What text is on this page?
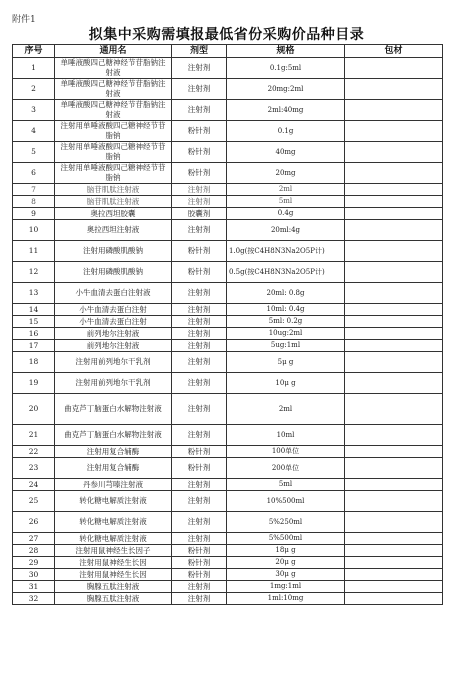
附件1
拟集中采购需填报最低省份采购价品种目录
序号	通用名	剂型	规格	包材
1	单唾液酸四己糖神经节苷脂钠注射液	注射剂	0.1g:5ml	
2	单唾液酸四己糖神经节苷脂钠注射液	注射剂	20mg:2ml	
3	单唾液酸四己糖神经节苷脂钠注射液	注射剂	2ml:40mg	
4	注射用单唾液酸四己糖神经节苷脂钠	粉针剂	0.1g	
5	注射用单唾液酸四己糖神经节苷脂钠	粉针剂	40mg	
6	注射用单唾液酸四己糖神经节苷脂钠	粉针剂	20mg	
7	脑苷肌肽注射液	注射剂	2ml	
8	脑苷肌肽注射液	注射剂	5ml	
9	奥拉西坦胶囊	胶囊剂	0.4g	
10	奥拉西坦注射液	注射剂	20ml:4g	
11	注射用磷酸肌酸钠	粉针剂	1.0g(按C4H8N3Na2O5P计)	
12	注射用磷酸肌酸钠	粉针剂	0.5g(按C4H8N3Na2O5P计)	
13	小牛血清去蛋白注射液	注射剂	20ml: 0.8g	
14	小牛血清去蛋白注射	注射剂	10ml: 0.4g	
15	小牛血清去蛋白注射	注射剂	5ml: 0.2g	
16	前列地尔注射液	注射剂	10ug:2ml	
17	前列地尔注射液	注射剂	5ug:1ml	
18	注射用前列地尔干乳剂	注射剂	5μ g	
19	注射用前列地尔干乳剂	注射剂	10μ g	
20	曲克芦丁脑蛋白水解物注射液	注射剂	2ml	
21	曲克芦丁脑蛋白水解物注射液	注射剂	10ml	
22	注射用复合辅酶	粉针剂	100单位	
23	注射用复合辅酶	粉针剂	200单位	
24	丹参川芎嗪注射液	注射剂	5ml	
25	转化糖电解质注射液	注射剂	10%500ml	
26	转化糖电解质注射液	注射剂	5%250ml	
27	转化糖电解质注射液	注射剂	5%500ml	
28	注射用鼠神经生长因子	粉针剂	18μ g	
29	注射用鼠神经生长因	粉针剂	20μ g	
30	注射用鼠神经生长因	粉针剂	30μ g	
31	胸腺五肽注射液	注射剂	1mg:1ml	
32	胸腺五肽注射液	注射剂	1ml:10mg	
